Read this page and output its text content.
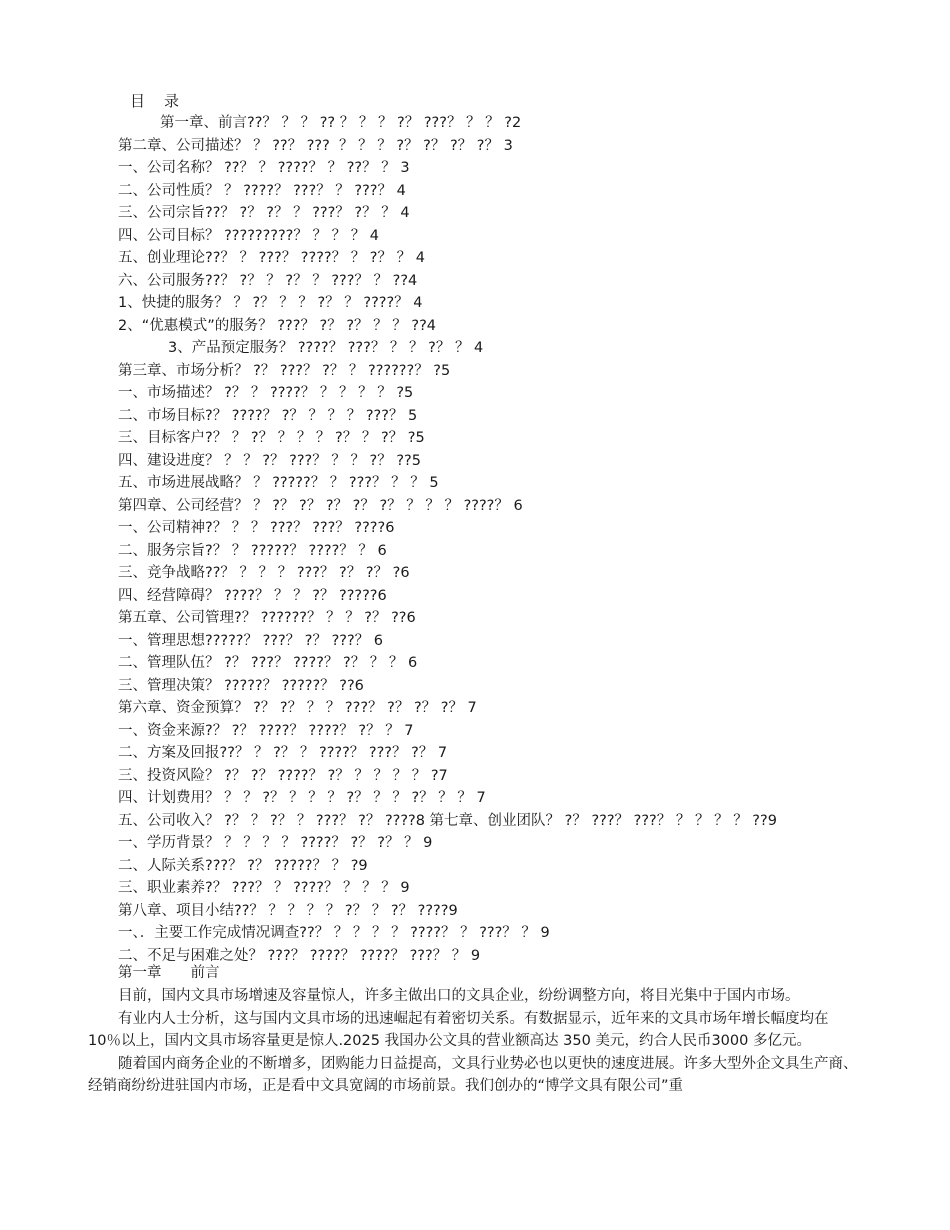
目　录
第一章、前言??？ ？ ？ ?? ？ ？ ？ ?？ ???？ ？ ？ ?2
第二章、公司描述？ ？ ??？ ???  ？ ？ ？ ?？ ?？ ?？ ?？ 3
一、公司名称？ ??？ ？ ????？ ？ ??？ ？ 3
二、公司性质？ ？ ????？ ???？ ？ ???？ 4
三、公司宗旨??？ ?？ ?？ ？ ???？ ?？ ？ 4
四、公司目标？ ?????????？ ？ ？ ？ 4
五、创业理论??？ ？ ???？ ????？ ？ ?？ ？ 4
六、公司服务??？ ?？ ？ ?？ ？ ???？ ？ ??4
1、快捷的服务？ ？ ?？ ？ ？ ?？ ？ ????？ 4
2、“优惠模式”的服务？ ???？ ?？ ?？ ？ ？ ??4
3、产品预定服务？ ????？ ???？ ？ ？ ?？ ？ 4
第三章、市场分析？ ?？ ???？ ?？ ？ ??????？ ?5
一、市场描述？ ?？ ？ ????？ ？ ？ ？ ？ ?5
二、市场目标?？ ????？ ?？ ？ ？ ？ ???？ 5
三、目标客户?？ ？ ?？ ？ ？ ？ ?？ ？ ?？ ?5
四、建设进度？ ？ ？ ?？ ???？ ？ ？ ?？ ??5
五、市场进展战略？ ？ ?????？ ？ ???？ ？ ？ 5
第四章、公司经营？ ？ ?？ ?？ ?？ ?？ ?？ ？ ？ ？ ????？ 6
一、公司精神?？ ？ ？ ???？ ???？ ????6
二、服务宗旨?？ ？ ?????？ ????？ ？ 6
三、竞争战略??？ ？ ？ ？ ???？ ?？ ?？ ?6
四、经营障碍？ ????？ ？ ？ ?？ ?????6
第五章、公司管理?？ ??????？ ？ ？ ?？ ??6
一、管理思想?????？ ???？ ?？ ???？ 6
二、管理队伍？ ?？ ???？ ????？ ?？ ？ ？ 6
三、管理决策？ ?????？ ?????？ ??6
第六章、资金预算？ ?？ ?？ ？ ？ ???？ ?？ ?？ ?？ 7
一、资金来源?？ ?？ ????？ ????？ ?？ ？ 7
二、方案及回报??？ ？ ?？ ？ ????？ ???？ ?？ 7
三、投资风险？ ?？ ?？ ????？ ?？ ？ ？ ？ ？ ?7
四、计划费用？ ？ ？ ?？ ？ ？ ？ ?？ ？ ？ ?？ ？ ？ 7
五、公司收入？ ?？ ？ ?？ ？ ???？ ?？ ????8 第七章、创业团队？ ?？ ???？ ???？ ？ ？ ？ ？ ??9
一、学历背景？ ？ ？ ？ ？ ????？ ?？ ?？ ？ 9
二、人际关系???？ ?？ ?????？ ？ ?9
三、职业素养?？ ???？ ？ ????？ ？ ？ ？ 9
第八章、项目小结??？ ？ ？ ？ ？ ?？ ？ ?？ ????9
一、．主要工作完成情况调查??？ ？ ？ ？ ？ ????？ ？ ???？ ？ 9
二、不足与困难之处？ ???？ ????？ ????？ ???？ ？ 9
第一章　　前言

目前，国内文具市场增速及容量惊人，许多主做出口的文具企业，纷纷调整方向，将目光集中于国内市场。

有业内人士分析，这与国内文具市场的迅速崛起有着密切关系。有数据显示，近年来的文具市场年增长幅度均在 10％以上，国内文具市场容量更是惊人.2025 我国办公文具的营业额高达 350 美元，约合人民币3000 多亿元。

随着国内商务企业的不断增多，团购能力日益提高，文具行业势必也以更快的速度进展。许多大型外企文具生产商、经销商纷纷进驻国内市场，正是看中文具宽阔的市场前景。我们创办的“博学文具有限公司”重
